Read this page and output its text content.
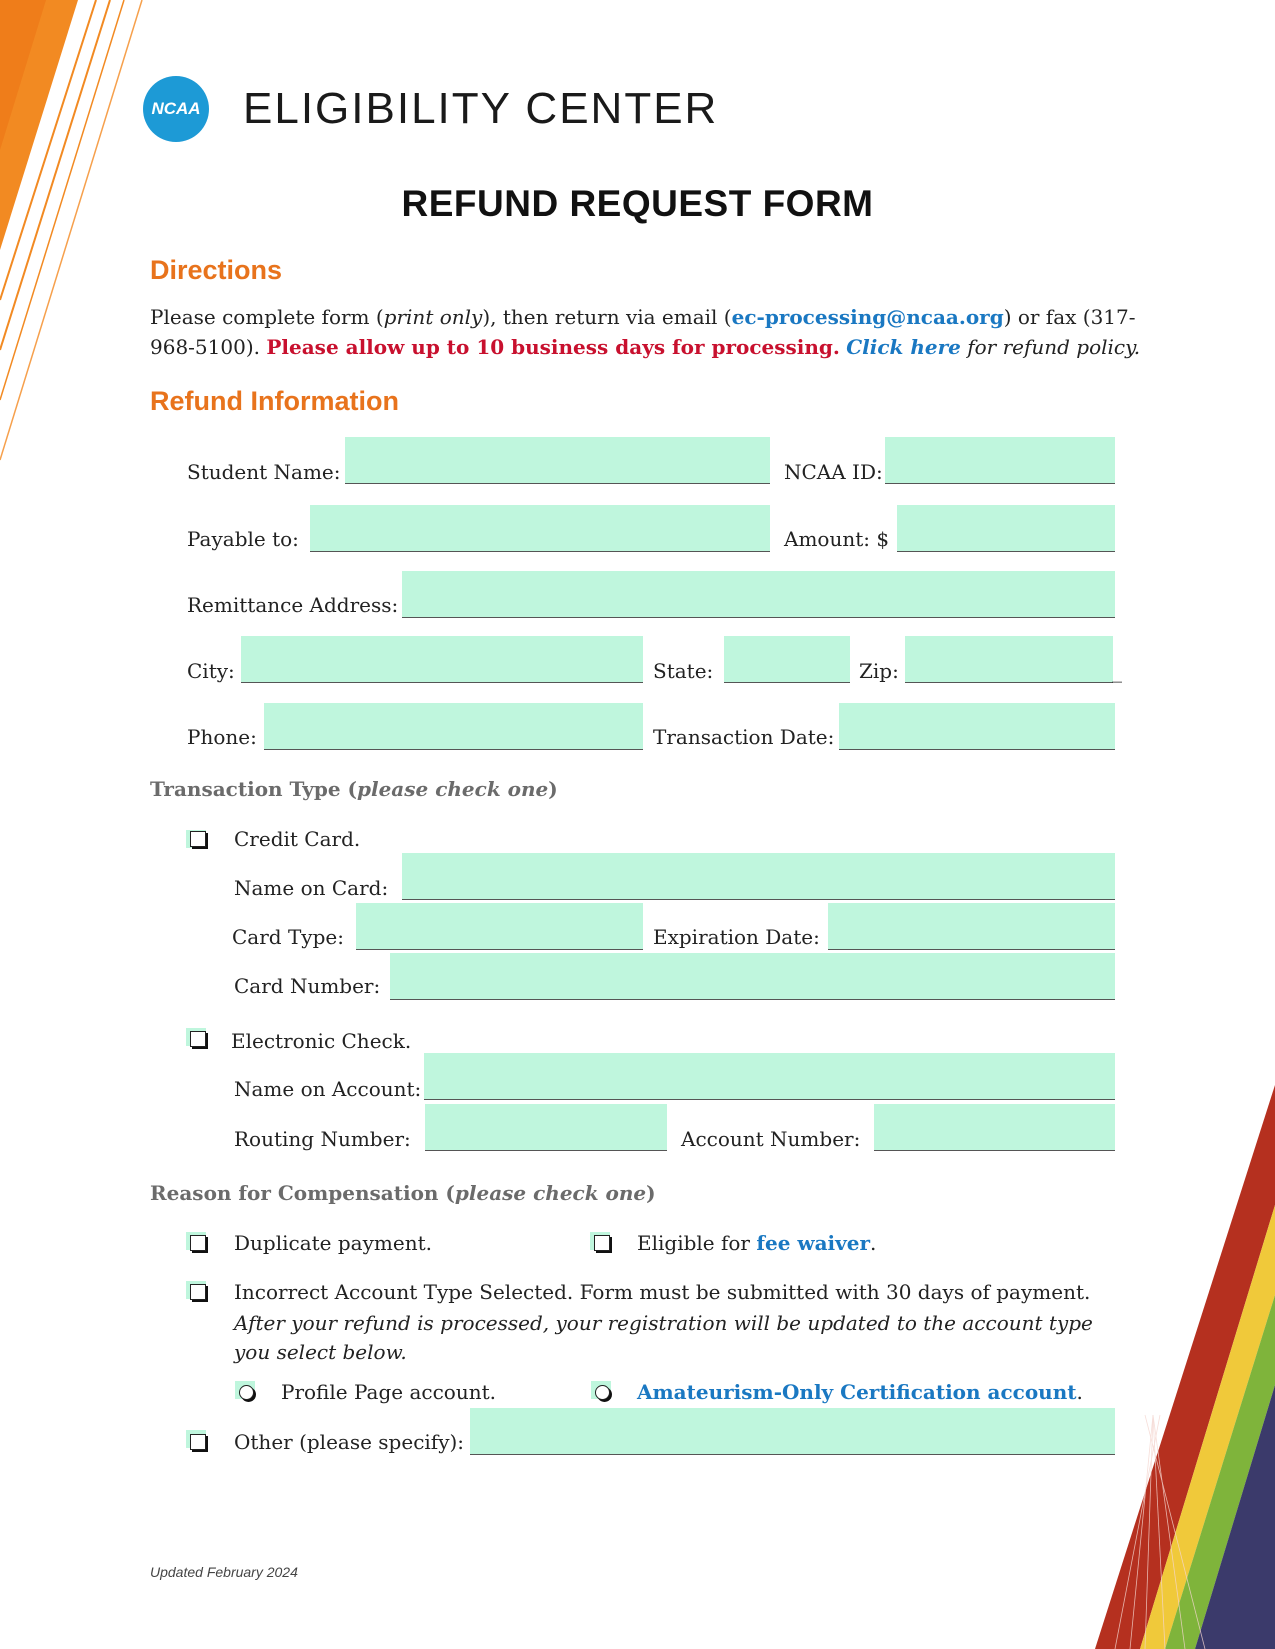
NCAA ELIGIBILITY CENTER
REFUND REQUEST FORM
Directions
Please complete form (print only), then return via email (ec-processing@ncaa.org) or fax (317-968-5100). Please allow up to 10 business days for processing. Click here for refund policy.
Refund Information
Student Name:	NCAA ID:
Payable to:	Amount: $
Remittance Address:
City:	State:	Zip:	_
Phone:	Transaction Date:
Transaction Type (please check one)
Credit Card.
Name on Card:
Card Type:	Expiration Date:
Card Number:
Electronic Check.
Name on Account:
Routing Number:	Account Number:
Reason for Compensation (please check one)
Duplicate payment.	Eligible for fee waiver.
Incorrect Account Type Selected. Form must be submitted with 30 days of payment.
After your refund is processed, your registration will be updated to the account type you select below.
Profile Page account.	Amateurism-Only Certification account.
Other (please specify):
Updated February 2024
